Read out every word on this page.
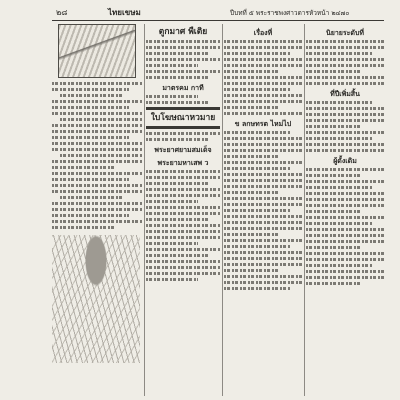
๒๘	ไทยเขษม	ปีบทที่ ๕ พระราชพงศาวดารหัวหน้า ๒๔๗๐
ตูกมาศ พืเติย
มาตรคม กาที
ใบโฆษณาหวมาย
พระยาศยามสมเด็จ
พระยามหาเสพ ว
เรื่องที่
ข ลกษทรต ไหม่ไป
นิยายระดับที่
ที่ปีเพิ่มสิ้น
ผู้ดั้งเดิม
